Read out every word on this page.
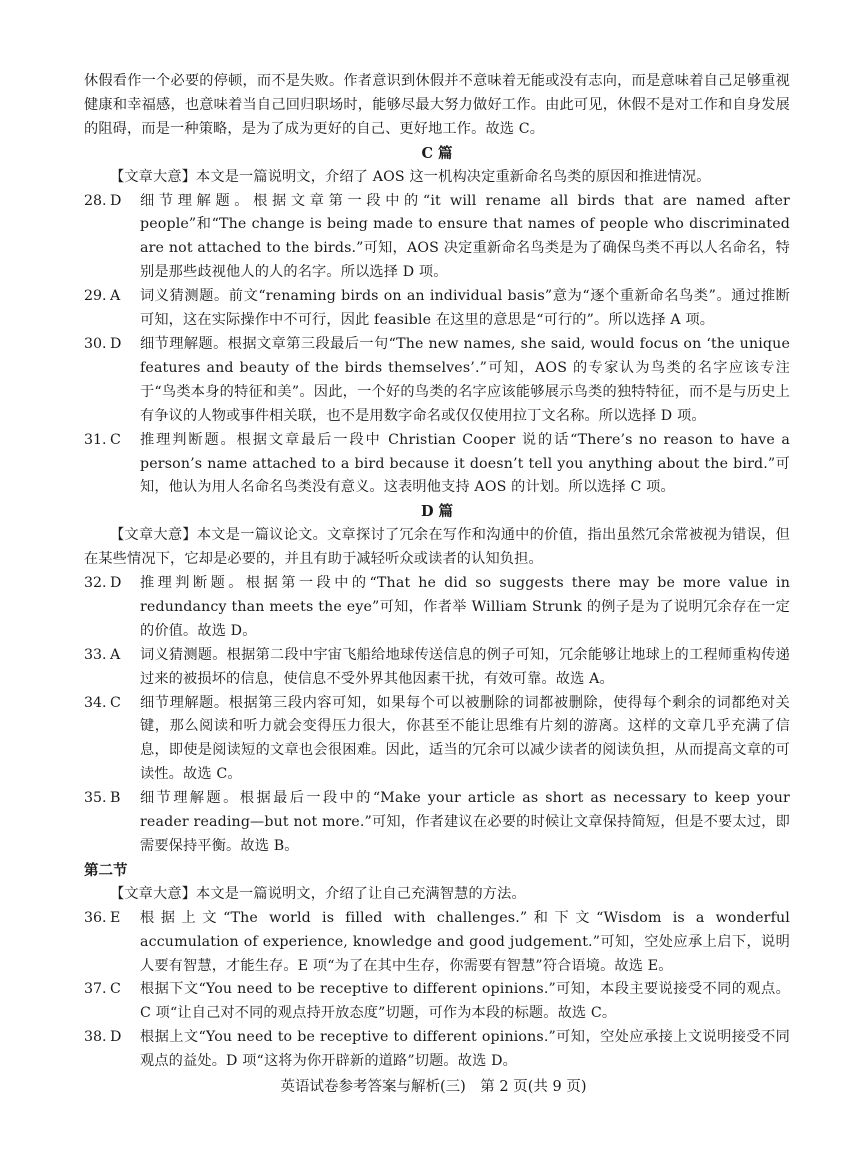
休假看作一个必要的停顿，而不是失败。作者意识到休假并不意味着无能或没有志向，而是意味着自己足够重视健康和幸福感，也意味着当自己回归职场时，能够尽最大努力做好工作。由此可见，休假不是对工作和自身发展的阻碍，而是一种策略，是为了成为更好的自己、更好地工作。故选 C。

C 篇

【文章大意】本文是一篇说明文，介绍了 AOS 这一机构决定重新命名鸟类的原因和推进情况。

28. D	细节理解题。根据文章第一段中的“it will rename all birds that are named after people”和“The change is being made to ensure that names of people who discriminated are not attached to the birds.”可知，AOS 决定重新命名鸟类是为了确保鸟类不再以人名命名，特别是那些歧视他人的人的名字。所以选择 D 项。
29. A	词义猜测题。前文“renaming birds on an individual basis”意为“逐个重新命名鸟类”。通过推断可知，这在实际操作中不可行，因此 feasible 在这里的意思是“可行的”。所以选择 A 项。
30. D	细节理解题。根据文章第三段最后一句“The new names, she said, would focus on ‘the unique features and beauty of the birds themselves’.”可知，AOS 的专家认为鸟类的名字应该专注于“鸟类本身的特征和美”。因此，一个好的鸟类的名字应该能够展示鸟类的独特特征，而不是与历史上有争议的人物或事件相关联，也不是用数字命名或仅仅使用拉丁文名称。所以选择 D 项。
31. C	推理判断题。根据文章最后一段中 Christian Cooper 说的话“There’s no reason to have a person’s name attached to a bird because it doesn’t tell you anything about the bird.”可知，他认为用人名命名鸟类没有意义。这表明他支持 AOS 的计划。所以选择 C 项。

D 篇

【文章大意】本文是一篇议论文。文章探讨了冗余在写作和沟通中的价值，指出虽然冗余常被视为错误，但在某些情况下，它却是必要的，并且有助于减轻听众或读者的认知负担。

32. D	推理判断题。根据第一段中的“That he did so suggests there may be more value in redundancy than meets the eye”可知，作者举 William Strunk 的例子是为了说明冗余存在一定的价值。故选 D。
33. A	词义猜测题。根据第二段中宇宙飞船给地球传送信息的例子可知，冗余能够让地球上的工程师重构传递过来的被损坏的信息，使信息不受外界其他因素干扰，有效可靠。故选 A。
34. C	细节理解题。根据第三段内容可知，如果每个可以被删除的词都被删除，使得每个剩余的词都绝对关键，那么阅读和听力就会变得压力很大，你甚至不能让思维有片刻的游离。这样的文章几乎充满了信息，即使是阅读短的文章也会很困难。因此，适当的冗余可以减少读者的阅读负担，从而提高文章的可读性。故选 C。
35. B	细节理解题。根据最后一段中的“Make your article as short as necessary to keep your reader reading—but not more.”可知，作者建议在必要的时候让文章保持简短，但是不要太过，即需要保持平衡。故选 B。

第二节

【文章大意】本文是一篇说明文，介绍了让自己充满智慧的方法。

36. E	根据上文“The world is filled with challenges.”和下文“Wisdom is a wonderful accumulation of experience, knowledge and good judgement.”可知，空处应承上启下，说明人要有智慧，才能生存。E 项“为了在其中生存，你需要有智慧”符合语境。故选 E。
37. C	根据下文“You need to be receptive to different opinions.”可知，本段主要说接受不同的观点。C 项“让自己对不同的观点持开放态度”切题，可作为本段的标题。故选 C。
38. D	根据上文“You need to be receptive to different opinions.”可知，空处应承接上文说明接受不同观点的益处。D 项“这将为你开辟新的道路”切题。故选 D。
英语试卷参考答案与解析(三)　第 2 页(共 9 页)
